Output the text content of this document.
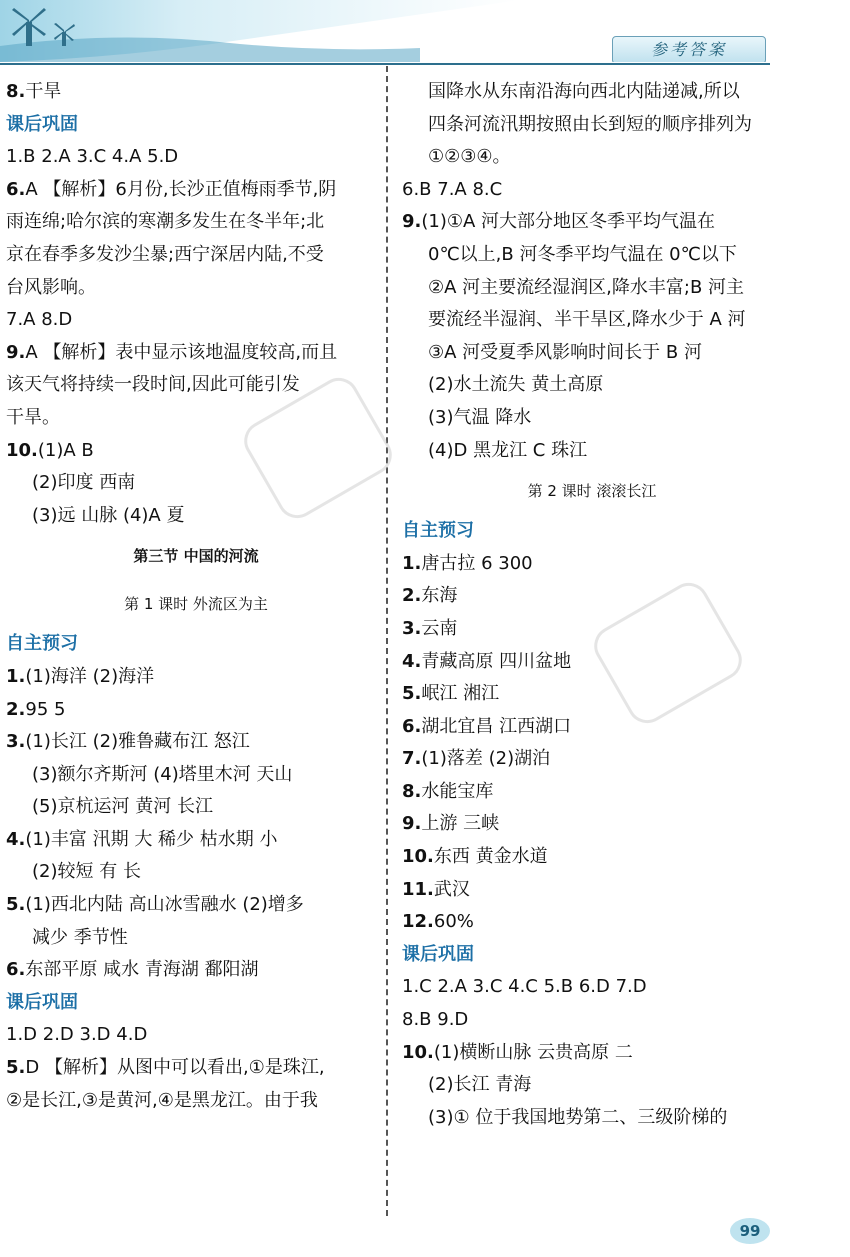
参考答案
8.干旱
课后巩固
1.B 2.A 3.C 4.A 5.D
6.A 【解析】6月份,长沙正值梅雨季节,阴
雨连绵;哈尔滨的寒潮多发生在冬半年;北
京在春季多发沙尘暴;西宁深居内陆,不受
台风影响。
7.A 8.D
9.A 【解析】表中显示该地温度较高,而且
该天气将持续一段时间,因此可能引发
干旱。
10.(1)A B
(2)印度 西南
(3)远 山脉 (4)A 夏
第三节 中国的河流
第 1 课时 外流区为主
自主预习
1.(1)海洋 (2)海洋
2.95 5
3.(1)长江 (2)雅鲁藏布江 怒江
(3)额尔齐斯河 (4)塔里木河 天山
(5)京杭运河 黄河 长江
4.(1)丰富 汛期 大 稀少 枯水期 小
(2)较短 有 长
5.(1)西北内陆 高山冰雪融水 (2)增多
减少 季节性
6.东部平原 咸水 青海湖 鄱阳湖
课后巩固
1.D 2.D 3.D 4.D
5.D 【解析】从图中可以看出,①是珠江,
②是长江,③是黄河,④是黑龙江。由于我
国降水从东南沿海向西北内陆递减,所以
四条河流汛期按照由长到短的顺序排列为
①②③④。
6.B 7.A 8.C
9.(1)①A 河大部分地区冬季平均气温在
0℃以上,B 河冬季平均气温在 0℃以下
②A 河主要流经湿润区,降水丰富;B 河主
要流经半湿润、半干旱区,降水少于 A 河
③A 河受夏季风影响时间长于 B 河
(2)水土流失 黄土高原
(3)气温 降水
(4)D 黑龙江 C 珠江
第 2 课时 滚滚长江
自主预习
1.唐古拉 6 300
2.东海
3.云南
4.青藏高原 四川盆地
5.岷江 湘江
6.湖北宜昌 江西湖口
7.(1)落差 (2)湖泊
8.水能宝库
9.上游 三峡
10.东西 黄金水道
11.武汉
12.60%
课后巩固
1.C 2.A 3.C 4.C 5.B 6.D 7.D
8.B 9.D
10.(1)横断山脉 云贵高原 二
(2)长江 青海
(3)① 位于我国地势第二、三级阶梯的
99
